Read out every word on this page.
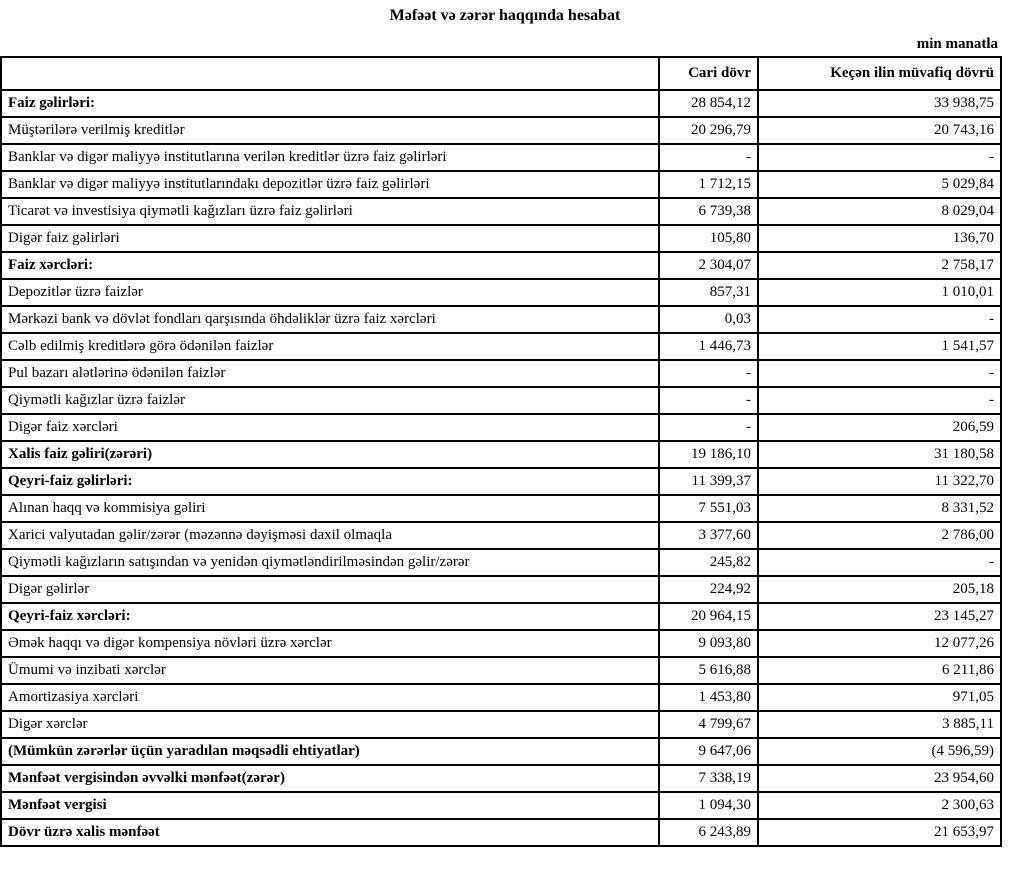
Məfəət və zərər haqqında hesabat
min manatla
	Cari dövr	Keçən ilin müvafiq dövrü
Faiz gəlirləri:	28 854,12	33 938,75
Müştərilərə verilmiş kreditlər	20 296,79	20 743,16
Banklar və digər maliyyə institutlarına verilən kreditlər üzrə faiz gəlirləri	-	-
Banklar və digər maliyyə institutlarındakı depozitlər üzrə faiz gəlirləri	1 712,15	5 029,84
Ticarət və investisiya qiymətli kağızları üzrə faiz gəlirləri	6 739,38	8 029,04
Digər faiz gəlirləri	105,80	136,70
Faiz xərcləri:	2 304,07	2 758,17
Depozitlər üzrə faizlər	857,31	1 010,01
Mərkəzi bank və dövlət fondları qarşısında öhdəliklər üzrə faiz xərcləri	0,03	-
Cəlb edilmiş kreditlərə görə ödənilən faizlər	1 446,73	1 541,57
Pul bazarı alətlərinə ödənilən faizlər	-	-
Qiymətli kağızlar üzrə faizlər	-	-
Digər faiz xərcləri	-	206,59
Xalis faiz gəliri(zərəri)	19 186,10	31 180,58
Qeyri-faiz gəlirləri:	11 399,37	11 322,70
Alınan haqq və kommisiya gəliri	7 551,03	8 331,52
Xarici valyutadan gəlir/zərər (məzənnə dəyişməsi daxil olmaqla	3 377,60	2 786,00
Qiymətli kağızların satışından və yenidən qiymətləndirilməsindən gəlir/zərər	245,82	-
Digər gəlirlər	224,92	205,18
Qeyri-faiz xərcləri:	20 964,15	23 145,27
Əmək haqqı və digər kompensiya növləri üzrə xərclər	9 093,80	12 077,26
Ümumi və inzibati xərclər	5 616,88	6 211,86
Amortizasiya xərcləri	1 453,80	971,05
Digər xərclər	4 799,67	3 885,11
(Mümkün zərərlər üçün yaradılan məqsədli ehtiyatlar)	9 647,06	(4 596,59)
Mənfəət vergisindən əvvəlki mənfəət(zərər)	7 338,19	23 954,60
Mənfəət vergisi	1 094,30	2 300,63
Dövr üzrə xalis mənfəət	6 243,89	21 653,97
